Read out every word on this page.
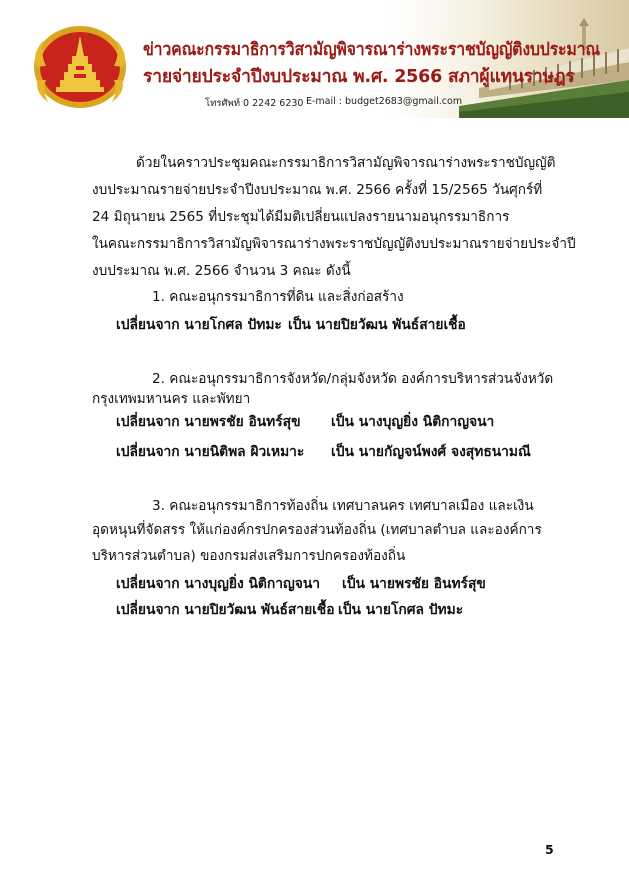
ข่าวคณะกรรมาธิการวิสามัญพิจารณาร่างพระราชบัญญัติงบประมาณ
รายจ่ายประจำปีงบประมาณ พ.ศ. 2566 สภาผู้แทนราษฎร
โทรศัพท์ 0 2242 6230 E-mail : budget2683@gmail.com
ด้วยในคราวประชุมคณะกรรมาธิการวิสามัญพิจารณาร่างพระราชบัญญัติ
งบประมาณรายจ่ายประจำปีงบประมาณ พ.ศ. 2566 ครั้งที่ 15/2565 วันศุกร์ที่
24 มิถุนายน 2565 ที่ประชุมได้มีมติเปลี่ยนแปลงรายนามอนุกรรมาธิการ
ในคณะกรรมาธิการวิสามัญพิจารณาร่างพระราชบัญญัติงบประมาณรายจ่ายประจำปี
งบประมาณ พ.ศ. 2566 จำนวน 3 คณะ ดังนี้
1. คณะอนุกรรมาธิการที่ดิน และสิ่งก่อสร้าง
เปลี่ยนจาก นายโกศล ปัทมะ เป็น นายปิยวัฒน พันธ์สายเชื้อ
2. คณะอนุกรรมาธิการจังหวัด/กลุ่มจังหวัด องค์การบริหารส่วนจังหวัด
กรุงเทพมหานคร และพัทยา
เปลี่ยนจาก นายพรชัย อินทร์สุข เป็น นางบุญยิ่ง นิติกาญจนา
เปลี่ยนจาก นายนิติพล ผิวเหมาะ เป็น นายกัญจน์พงศ์ จงสุทธนามณี
3. คณะอนุกรรมาธิการท้องถิ่น เทศบาลนคร เทศบาลเมือง และเงิน
อุดหนุนที่จัดสรร ให้แก่องค์กรปกครองส่วนท้องถิ่น (เทศบาลตำบล และองค์การ
บริหารส่วนตำบล) ของกรมส่งเสริมการปกครองท้องถิ่น
เปลี่ยนจาก นางบุญยิ่ง นิติกาญจนา เป็น นายพรชัย อินทร์สุข
เปลี่ยนจาก นายปิยวัฒน พันธ์สายเชื้อ เป็น นายโกศล ปัทมะ
5
